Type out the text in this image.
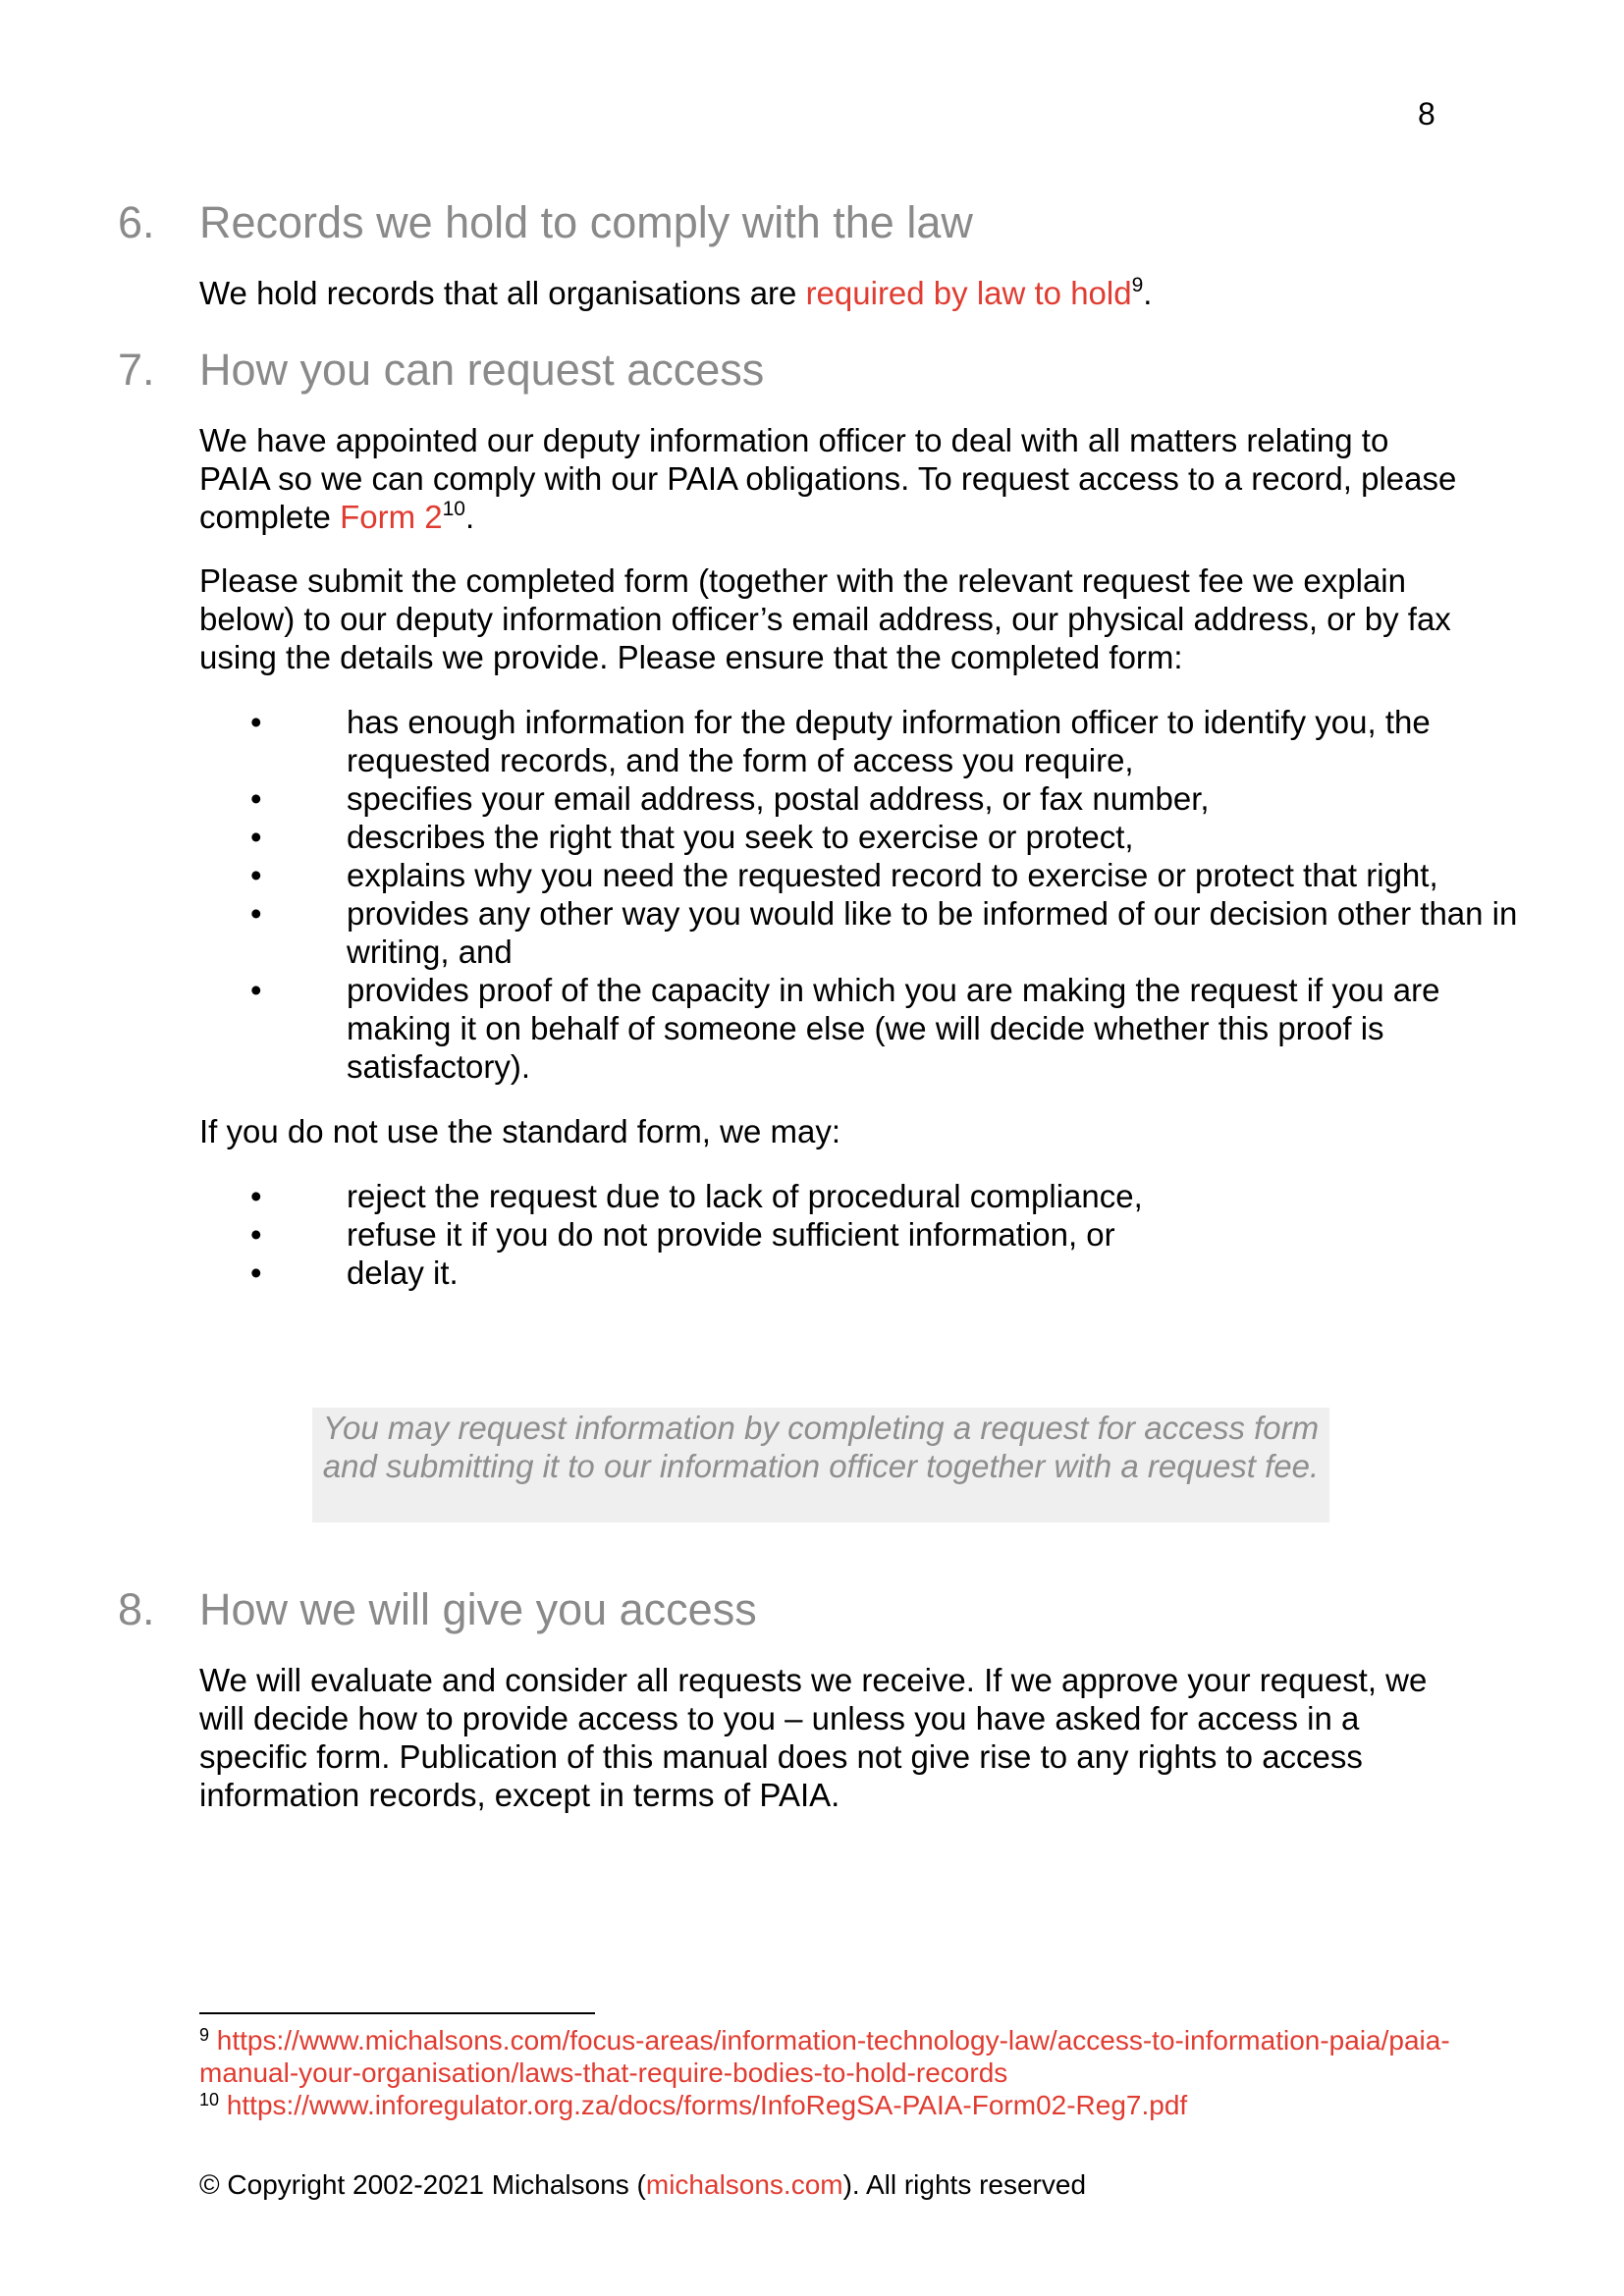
8
6. Records we hold to comply with the law

We hold records that all organisations are required by law to hold$^9$.

7. How you can request access

We have appointed our deputy information officer to deal with all matters relating to PAIA so we can comply with our PAIA obligations. To request access to a record, please complete Form $2^{10}$.

Please submit the completed form (together with the relevant request fee we explain below) to our deputy information officer’s email address, our physical address, or by fax using the details we provide. Please ensure that the completed form:

•	has enough information for the deputy information officer to identify you, the requested records, and the form of access you require,
•	specifies your email address, postal address, or fax number,
•	describes the right that you seek to exercise or protect,
•	explains why you need the requested record to exercise or protect that right,
•	provides any other way you would like to be informed of our decision other than in writing, and
•	provides proof of the capacity in which you are making the request if you are making it on behalf of someone else (we will decide whether this proof is satisfactory).

If you do not use the standard form, we may:

•	reject the request due to lack of procedural compliance,
•	refuse it if you do not provide sufficient information, or
•	delay it.
You may request information by completing a request for access form and submitting it to our information officer together with a request fee.
8. How we will give you access

We will evaluate and consider all requests we receive. If we approve your request, we will decide how to provide access to you – unless you have asked for access in a specific form. Publication of this manual does not give rise to any rights to access information records, except in terms of PAIA.

$^9$ https://www.michalsons.com/focus-areas/information-technology-law/access-to-information-paia/paia-manual-your-organisation/laws-that-require-bodies-to-hold-records
$^{10}$ https://www.inforegulator.org.za/docs/forms/InfoRegSA-PAIA-Form02-Reg7.pdf
© Copyright 2002-2021 Michalsons (michalsons.com). All rights reserved
